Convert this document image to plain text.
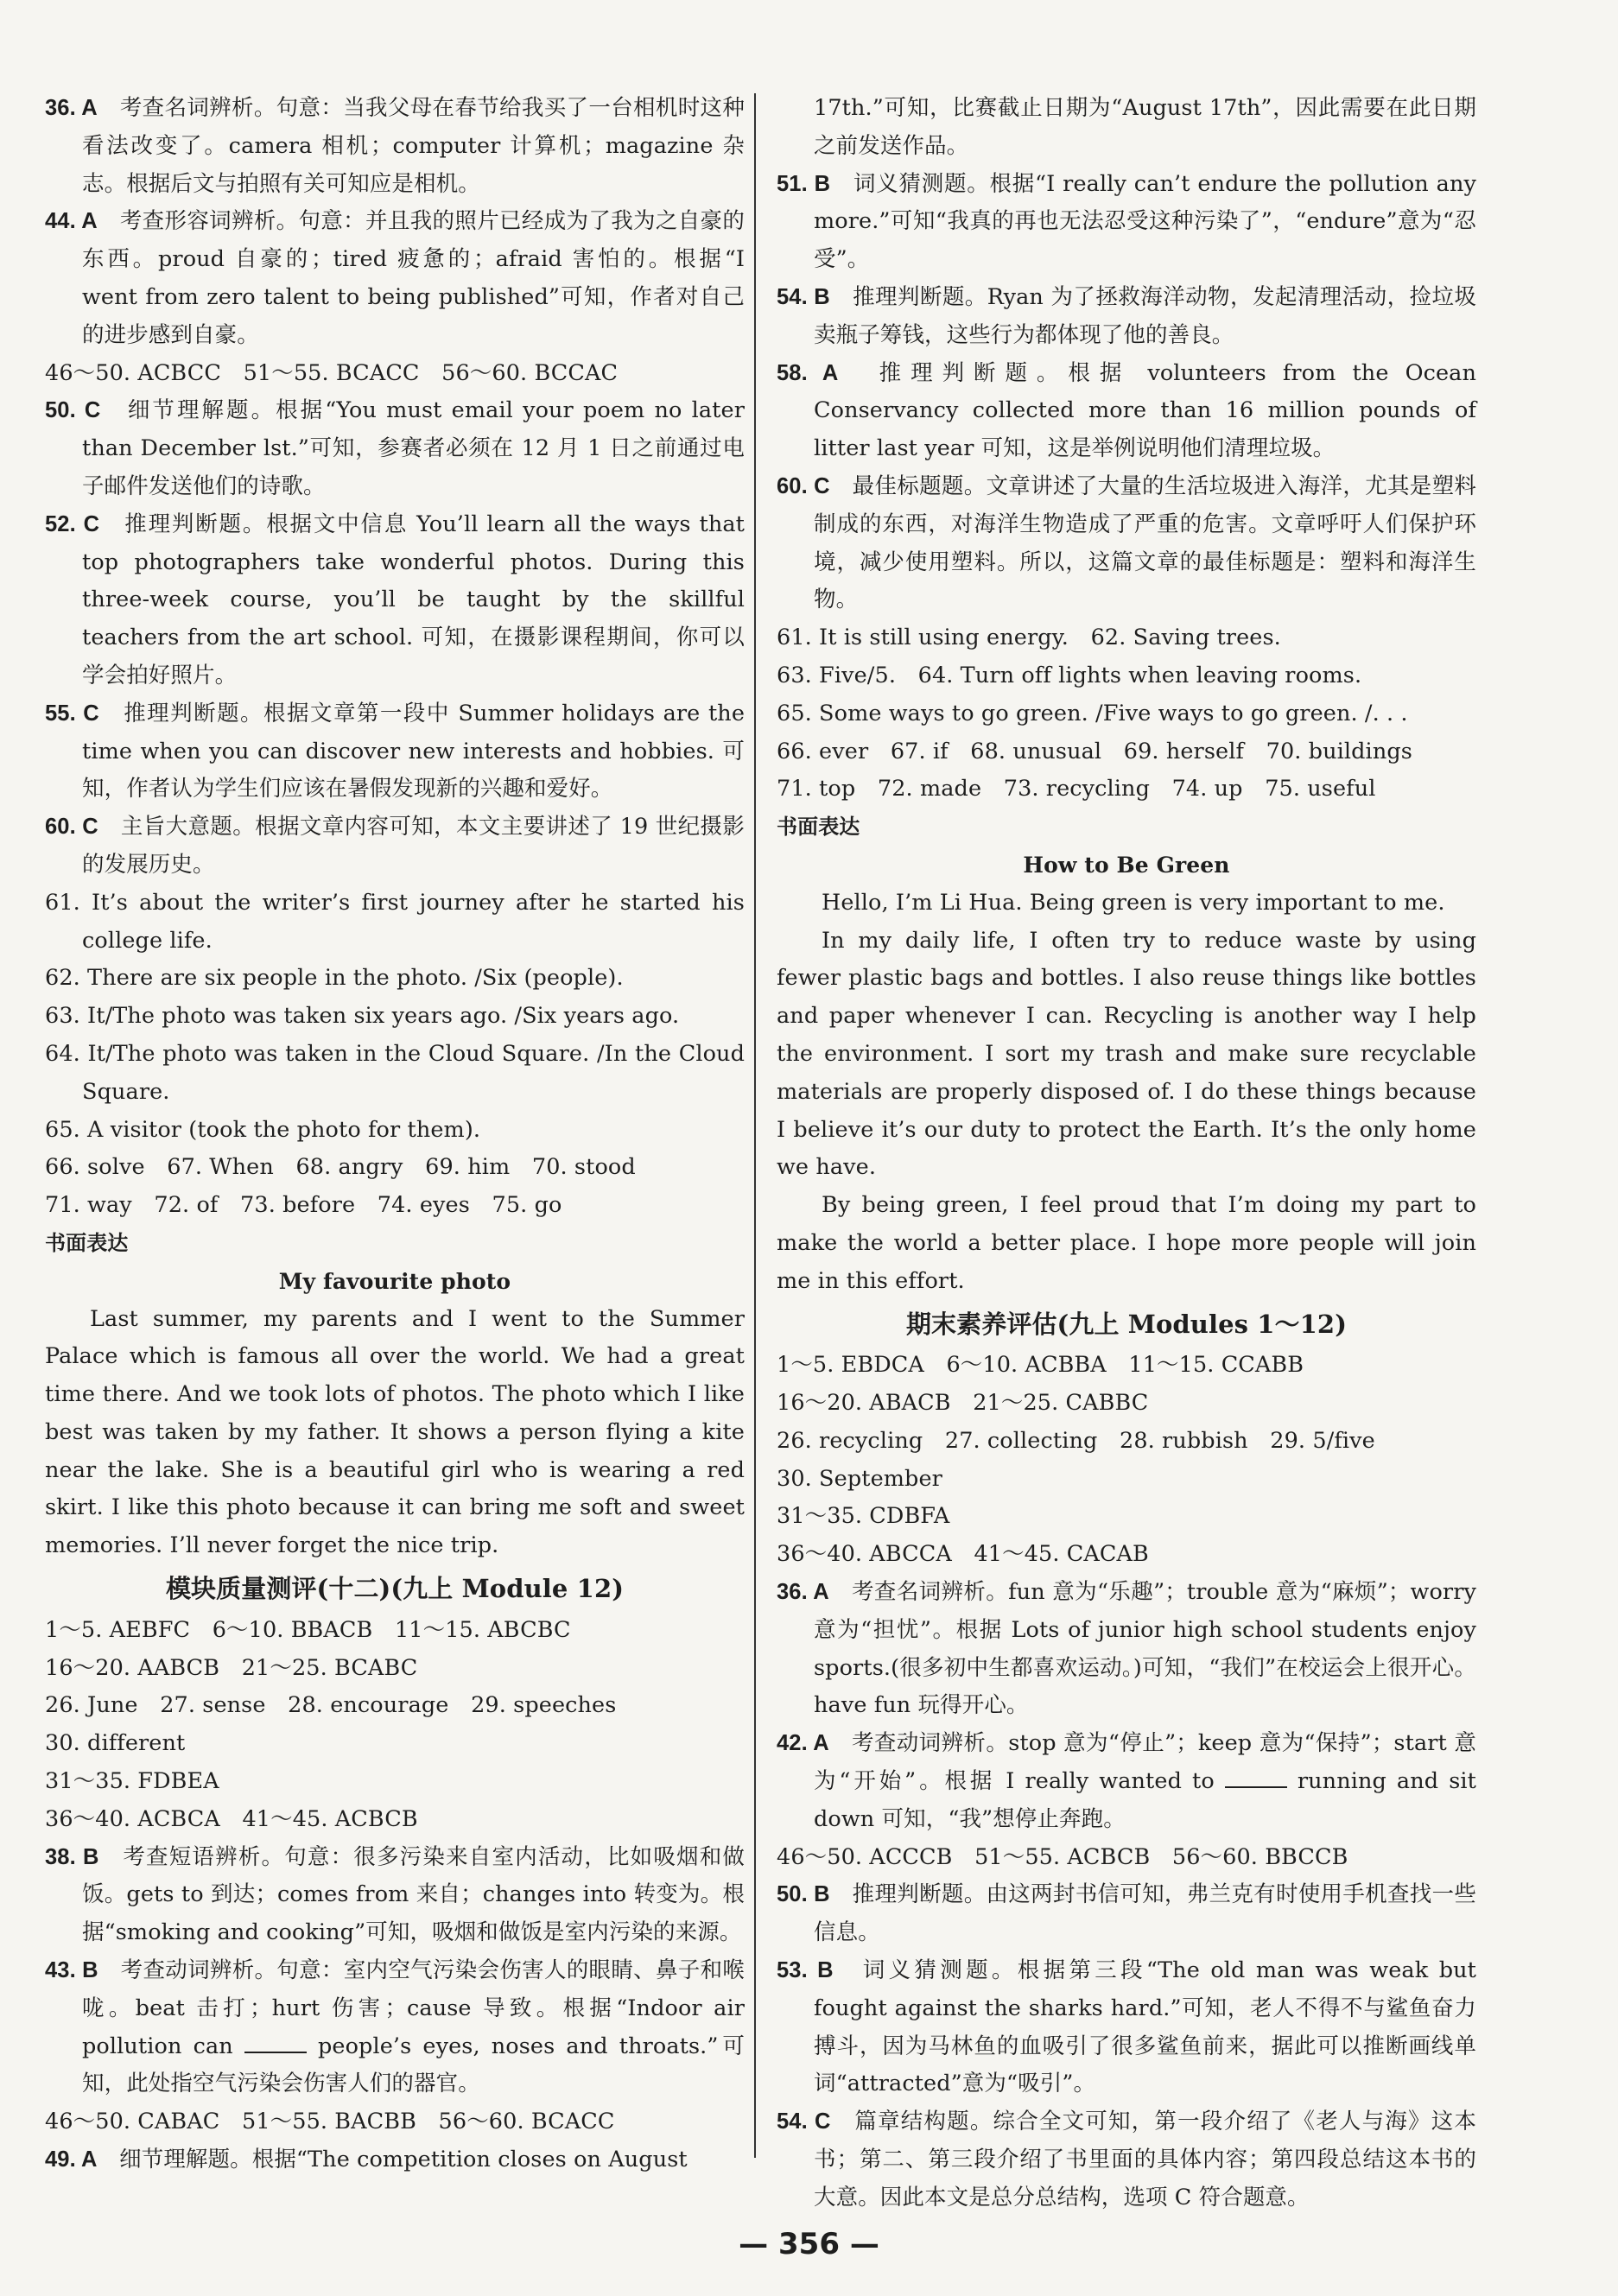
36. A　 考查名词辨析。句意：当我父母在春节给我买了一台相机时这种看法改变了。camera 相机；computer 计算机；magazine 杂志。根据后文与拍照有关可知应是相机。

44. A　 考查形容词辨析。句意：并且我的照片已经成为了我为之自豪的东西。proud 自豪的；tired 疲惫的；afraid 害怕的。根据“I went from zero talent to being published”可知，作者对自己的进步感到自豪。

46～50. ACBCC　51～55. BCACC　56～60. BCCAC

50. C　 细节理解题。根据“You must email your poem no later than December lst.”可知，参赛者必须在 12 月 1 日之前通过电子邮件发送他们的诗歌。

52. C　 推理判断题。根据文中信息 You’ll learn all the ways that top photographers take wonderful photos. During this three-week course, you’ll be taught by the skillful teachers from the art school. 可知，在摄影课程期间，你可以学会拍好照片。

55. C　 推理判断题。根据文章第一段中 Summer holidays are the time when you can discover new interests and hobbies. 可知，作者认为学生们应该在暑假发现新的兴趣和爱好。

60. C　 主旨大意题。根据文章内容可知，本文主要讲述了 19 世纪摄影的发展历史。

61. It’s about the writer’s first journey after he started his college life.

62. There are six people in the photo. /Six (people).

63. It/The photo was taken six years ago. /Six years ago.

64. It/The photo was taken in the Cloud Square. /In the Cloud Square.

65. A visitor (took the photo for them).

66. solve　67. When　68. angry　69. him　70. stood

71. way　72. of　73. before　74. eyes　75. go

书面表达

My favourite photo

Last summer, my parents and I went to the Summer Palace which is famous all over the world. We had a great time there. And we took lots of photos. The photo which I like best was taken by my father. It shows a person flying a kite near the lake. She is a beautiful girl who is wearing a red skirt. I like this photo because it can bring me soft and sweet memories. I’ll never forget the nice trip.

模块质量测评(十二)(九上 Module 12)

1～5. AEBFC　6～10. BBACB　11～15. ABCBC

16～20. AABCB　21～25. BCABC

26. June　27. sense　28. encourage　29. speeches

30. different

31～35. FDBEA

36～40. ACBCA　41～45. ACBCB

38. B　 考查短语辨析。句意：很多污染来自室内活动，比如吸烟和做饭。gets to 到达；comes from 来自；changes into 转变为。根据“smoking and cooking”可知，吸烟和做饭是室内污染的来源。

43. B　 考查动词辨析。句意：室内空气污染会伤害人的眼睛、鼻子和喉咙。beat 击打；hurt 伤害；cause 导致。根据“Indoor air pollution can	people’s eyes, noses and throats.”可知，此处指空气污染会伤害人们的器官。

46～50. CABAC　51～55. BACBB　56～60. BCACC

49. A　 细节理解题。根据“The competition closes on August

17th.”可知，比赛截止日期为“August 17th”，因此需要在此日期之前发送作品。

51. B　 词义猜测题。根据“I really can’t endure the pollution any more.”可知“我真的再也无法忍受这种污染了”，“endure”意为“忍受”。

54. B　 推理判断题。Ryan 为了拯救海洋动物，发起清理活动，捡垃圾卖瓶子筹钱，这些行为都体现了他的善良。

58. A　 推理判断题。根据 volunteers from the Ocean Conservancy collected more than 16 million pounds of litter last year 可知，这是举例说明他们清理垃圾。

60. C　 最佳标题题。文章讲述了大量的生活垃圾进入海洋，尤其是塑料制成的东西，对海洋生物造成了严重的危害。文章呼吁人们保护环境，减少使用塑料。所以，这篇文章的最佳标题是：塑料和海洋生物。

61. It is still using energy.　62. Saving trees.

63. Five/5.　64. Turn off lights when leaving rooms.

65. Some ways to go green. /Five ways to go green. /. . .

66. ever　67. if　68. unusual　69. herself　70. buildings

71. top　72. made　73. recycling　74. up　75. useful

书面表达

How to Be Green

Hello, I’m Li Hua. Being green is very important to me.

In my daily life, I often try to reduce waste by using fewer plastic bags and bottles. I also reuse things like bottles and paper whenever I can. Recycling is another way I help the environment. I sort my trash and make sure recyclable materials are properly disposed of. I do these things because I believe it’s our duty to protect the Earth. It’s the only home we have.

By being green, I feel proud that I’m doing my part to make the world a better place. I hope more people will join me in this effort.

期末素养评估(九上 Modules 1～12)

1～5. EBDCA　6～10. ACBBA　11～15. CCABB

16～20. ABACB　21～25. CABBC

26. recycling　27. collecting　28. rubbish　29. 5/five

30. September

31～35. CDBFA

36～40. ABCCA　41～45. CACAB

36. A　 考查名词辨析。fun 意为“乐趣”；trouble 意为“麻烦”；worry 意为“担忧”。根据 Lots of junior high school students enjoy sports.(很多初中生都喜欢运动。)可知，“我们”在校运会上很开心。have fun 玩得开心。

42. A　 考查动词辨析。stop 意为“停止”；keep 意为“保持”；start 意为“开始”。根据 I really wanted to	running and sit down 可知，“我”想停止奔跑。

46～50. ACCCB　51～55. ACBCB　56～60. BBCCB

50. B　 推理判断题。由这两封书信可知，弗兰克有时使用手机查找一些信息。

53. B　 词义猜测题。根据第三段“The old man was weak but fought against the sharks hard.”可知，老人不得不与鲨鱼奋力搏斗，因为马林鱼的血吸引了很多鲨鱼前来，据此可以推断画线单词“attracted”意为“吸引”。

54. C　 篇章结构题。综合全文可知，第一段介绍了《老人与海》这本书；第二、第三段介绍了书里面的具体内容；第四段总结这本书的大意。因此本文是总分总结构，选项 C 符合题意。

— 356 —
